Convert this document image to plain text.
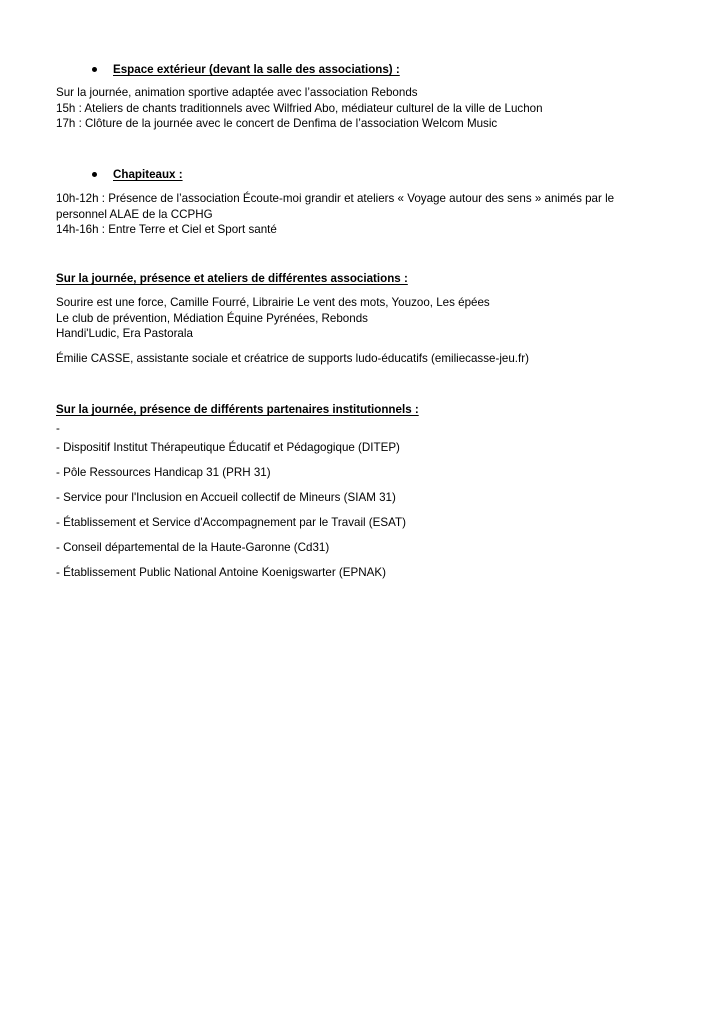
Espace extérieur (devant la salle des associations) :
Sur la journée, animation sportive adaptée avec l’association Rebonds
15h : Ateliers de chants traditionnels avec Wilfried Abo, médiateur culturel de la ville de Luchon
17h : Clôture de la journée avec le concert de Denfima de l’association Welcom Music
Chapiteaux :
10h-12h : Présence de l’association Écoute-moi grandir et ateliers « Voyage autour des sens » animés par le personnel ALAE de la CCPHG
14h-16h : Entre Terre et Ciel et Sport santé
Sur la journée, présence et ateliers de différentes associations :
Sourire est une force, Camille Fourré, Librairie Le vent des mots, Youzoo, Les épées
Le club de prévention, Médiation Équine Pyrénées, Rebonds
Handi'Ludic, Era Pastorala
Émilie CASSE, assistante sociale et créatrice de supports ludo-éducatifs (emiliecasse-jeu.fr)
Sur la journée, présence de différents partenaires institutionnels :
-
- Dispositif Institut Thérapeutique Éducatif et Pédagogique (DITEP)
- Pôle Ressources Handicap 31 (PRH 31)
- Service pour l'Inclusion en Accueil collectif de Mineurs (SIAM 31)
- Établissement et Service d'Accompagnement par le Travail (ESAT)
- Conseil départemental de la Haute-Garonne (Cd31)
- Établissement Public National Antoine Koenigswarter (EPNAK)
